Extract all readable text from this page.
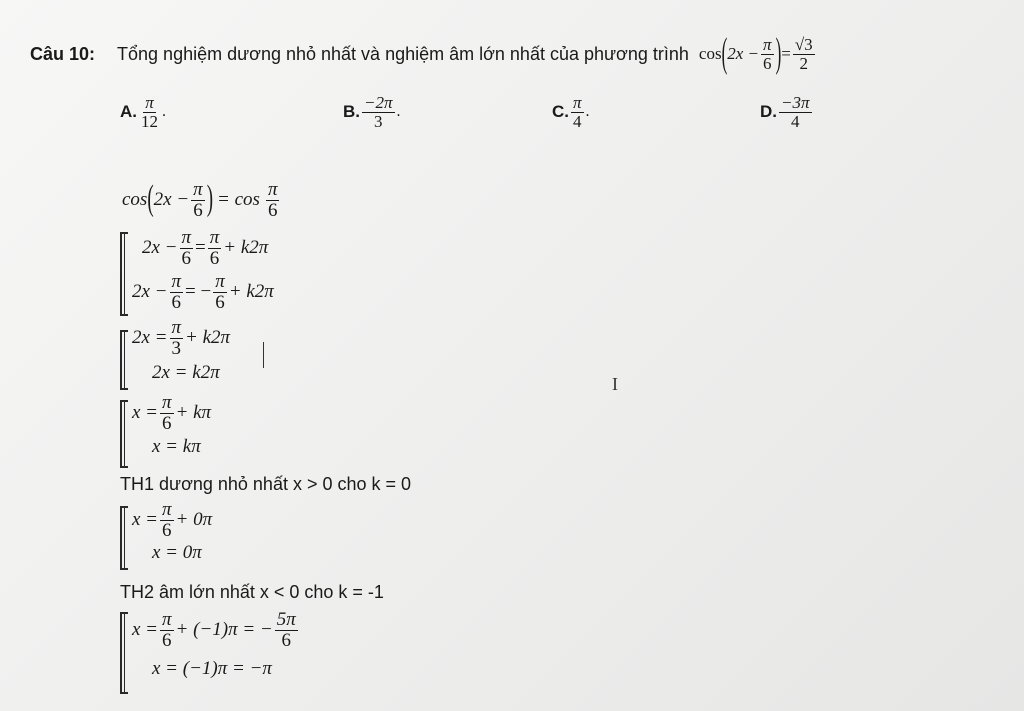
Câu 10: Tổng nghiệm dương nhỏ nhất và nghiệm âm lớn nhất của phương trình cos ( $2x - \frac{\pi}{6}$ ) = $\frac{√3}{2}$
A. $\frac{\pi}{12}$ .	B. $\frac{-2\pi}{3}$ .	C. $\frac{\pi}{4}$ .	D. $\frac{-3\pi}{4}$
cos ( $2x - \frac{\pi}{6}$ ) = $\cos \frac{\pi}{6}$
$2x - \frac{\pi}{6} = \frac{\pi}{6} + k2\pi$
$2x - \frac{\pi}{6}$ = − $\frac{\pi}{6} + k2\pi$
$2x = \frac{\pi}{3} + k2\pi$
2x = k2π
$x = \frac{\pi}{6} + k\pi$
x = kπ
TH1 dương nhỏ nhất x > 0 cho k = 0
$x = \frac{\pi}{6} + 0\pi$
x = 0π
TH2 âm lớn nhất x < 0 cho k = -1
$x = \frac{\pi}{6} + (-1)\pi$ = − $\frac{5\pi}{6}$
x = (−1)π = −π
I
